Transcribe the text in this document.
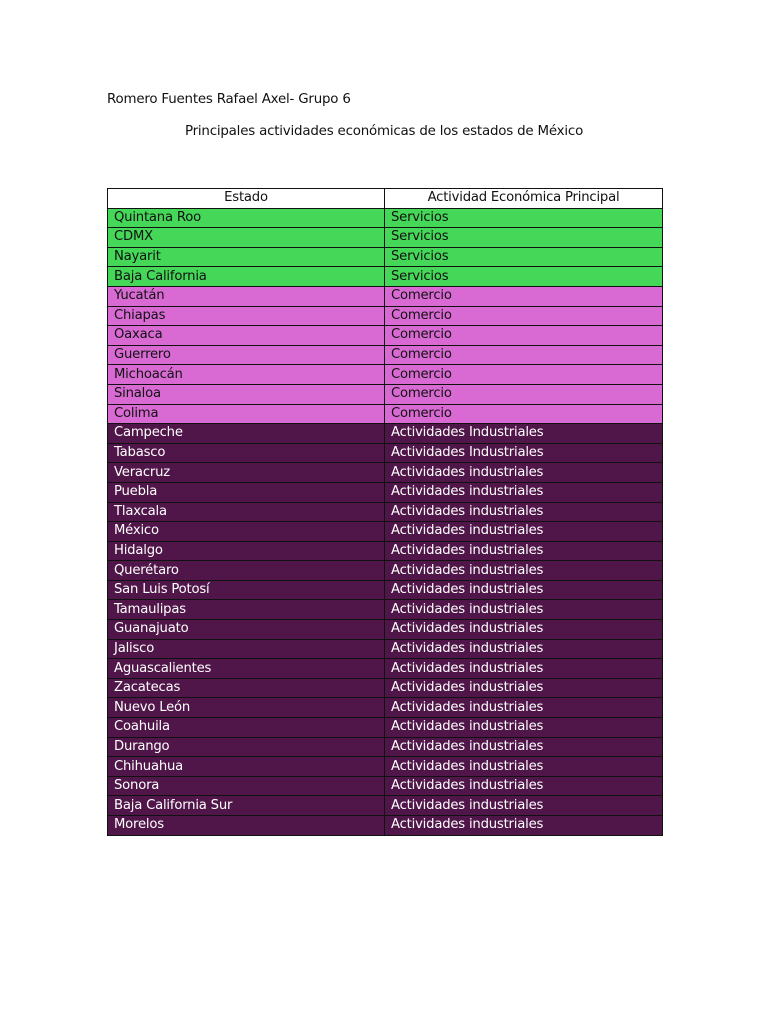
Romero Fuentes Rafael Axel- Grupo 6
Principales actividades económicas de los estados de México
Estado	Actividad Económica Principal
Quintana Roo	Servicios
CDMX	Servicios
Nayarit	Servicios
Baja California	Servicios
Yucatán	Comercio
Chiapas	Comercio
Oaxaca	Comercio
Guerrero	Comercio
Michoacán	Comercio
Sinaloa	Comercio
Colima	Comercio
Campeche	Actividades Industriales
Tabasco	Actividades Industriales
Veracruz	Actividades industriales
Puebla	Actividades industriales
Tlaxcala	Actividades industriales
México	Actividades industriales
Hidalgo	Actividades industriales
Querétaro	Actividades industriales
San Luis Potosí	Actividades industriales
Tamaulipas	Actividades industriales
Guanajuato	Actividades industriales
Jalisco	Actividades industriales
Aguascalientes	Actividades industriales
Zacatecas	Actividades industriales
Nuevo León	Actividades industriales
Coahuila	Actividades industriales
Durango	Actividades industriales
Chihuahua	Actividades industriales
Sonora	Actividades industriales
Baja California Sur	Actividades industriales
Morelos	Actividades industriales
